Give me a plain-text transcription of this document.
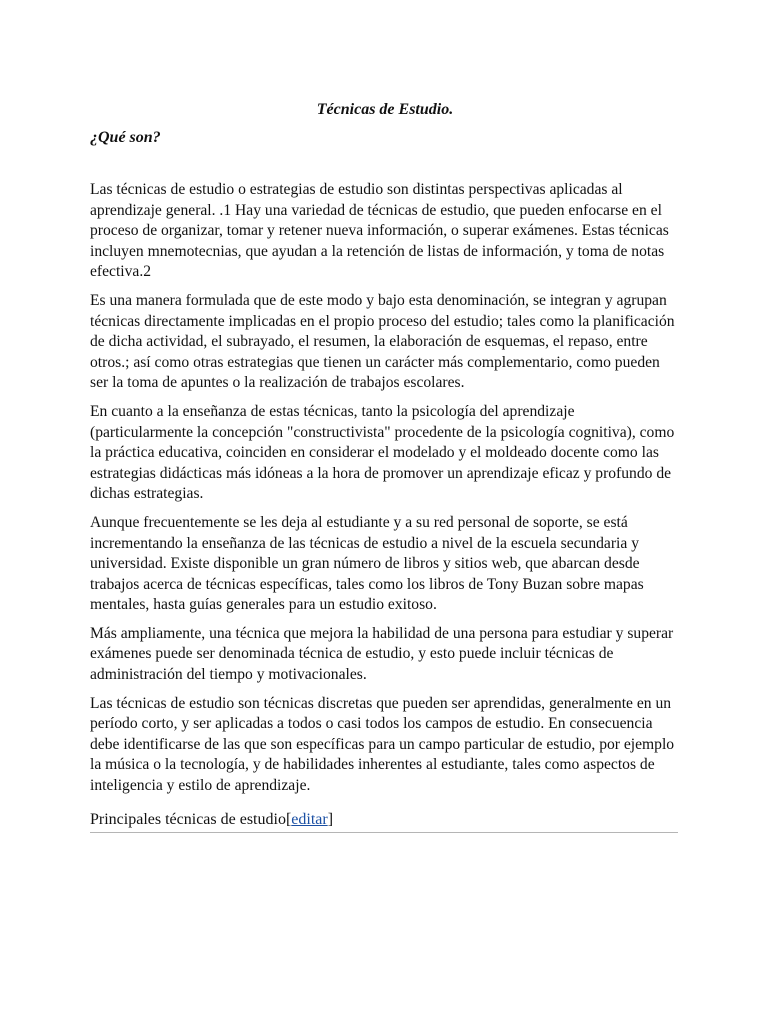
Técnicas de Estudio.
¿Qué son?

Las técnicas de estudio o estrategias de estudio son distintas perspectivas aplicadas al aprendizaje general. .1 Hay una variedad de técnicas de estudio, que pueden enfocarse en el proceso de organizar, tomar y retener nueva información, o superar exámenes. Estas técnicas incluyen mnemotecnias, que ayudan a la retención de listas de información, y toma de notas efectiva.2

Es una manera formulada que de este modo y bajo esta denominación, se integran y agrupan técnicas directamente implicadas en el propio proceso del estudio; tales como la planificación de dicha actividad, el subrayado, el resumen, la elaboración de esquemas, el repaso, entre otros.; así como otras estrategias que tienen un carácter más complementario, como pueden ser la toma de apuntes o la realización de trabajos escolares.

En cuanto a la enseñanza de estas técnicas, tanto la psicología del aprendizaje (particularmente la concepción "constructivista" procedente de la psicología cognitiva), como la práctica educativa, coinciden en considerar el modelado y el moldeado docente como las estrategias didácticas más idóneas a la hora de promover un aprendizaje eficaz y profundo de dichas estrategias.

Aunque frecuentemente se les deja al estudiante y a su red personal de soporte, se está incrementando la enseñanza de las técnicas de estudio a nivel de la escuela secundaria y universidad. Existe disponible un gran número de libros y sitios web, que abarcan desde trabajos acerca de técnicas específicas, tales como los libros de Tony Buzan sobre mapas mentales, hasta guías generales para un estudio exitoso.

Más ampliamente, una técnica que mejora la habilidad de una persona para estudiar y superar exámenes puede ser denominada técnica de estudio, y esto puede incluir técnicas de administración del tiempo y motivacionales.

Las técnicas de estudio son técnicas discretas que pueden ser aprendidas, generalmente en un período corto, y ser aplicadas a todos o casi todos los campos de estudio. En consecuencia debe identificarse de las que son específicas para un campo particular de estudio, por ejemplo la música o la tecnología, y de habilidades inherentes al estudiante, tales como aspectos de inteligencia y estilo de aprendizaje.

Principales técnicas de estudio[editar]
